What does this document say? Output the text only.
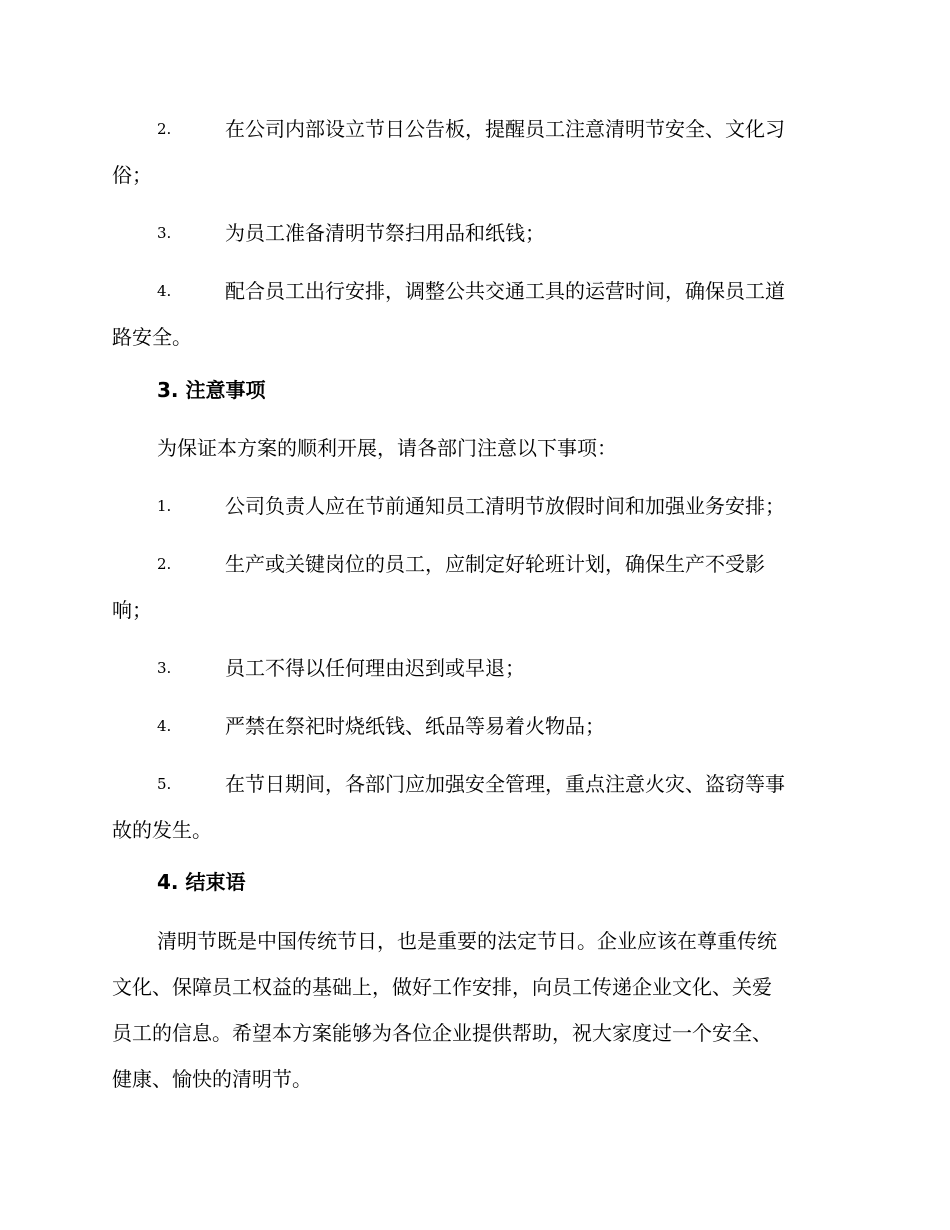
2.	在公司内部设立节日公告板，提醒员工注意清明节安全、文化习
俗；
3.	为员工准备清明节祭扫用品和纸钱；
4.	配合员工出行安排，调整公共交通工具的运营时间，确保员工道
路安全。
3. 注意事项
为保证本方案的顺利开展，请各部门注意以下事项：
1.	公司负责人应在节前通知员工清明节放假时间和加强业务安排；
2.	生产或关键岗位的员工，应制定好轮班计划，确保生产不受影
响；
3.	员工不得以任何理由迟到或早退；
4.	严禁在祭祀时烧纸钱、纸品等易着火物品；
5.	在节日期间，各部门应加强安全管理，重点注意火灾、盗窃等事
故的发生。
4. 结束语
清明节既是中国传统节日，也是重要的法定节日。企业应该在尊重传统
文化、保障员工权益的基础上，做好工作安排，向员工传递企业文化、关爱
员工的信息。希望本方案能够为各位企业提供帮助，祝大家度过一个安全、
健康、愉快的清明节。
